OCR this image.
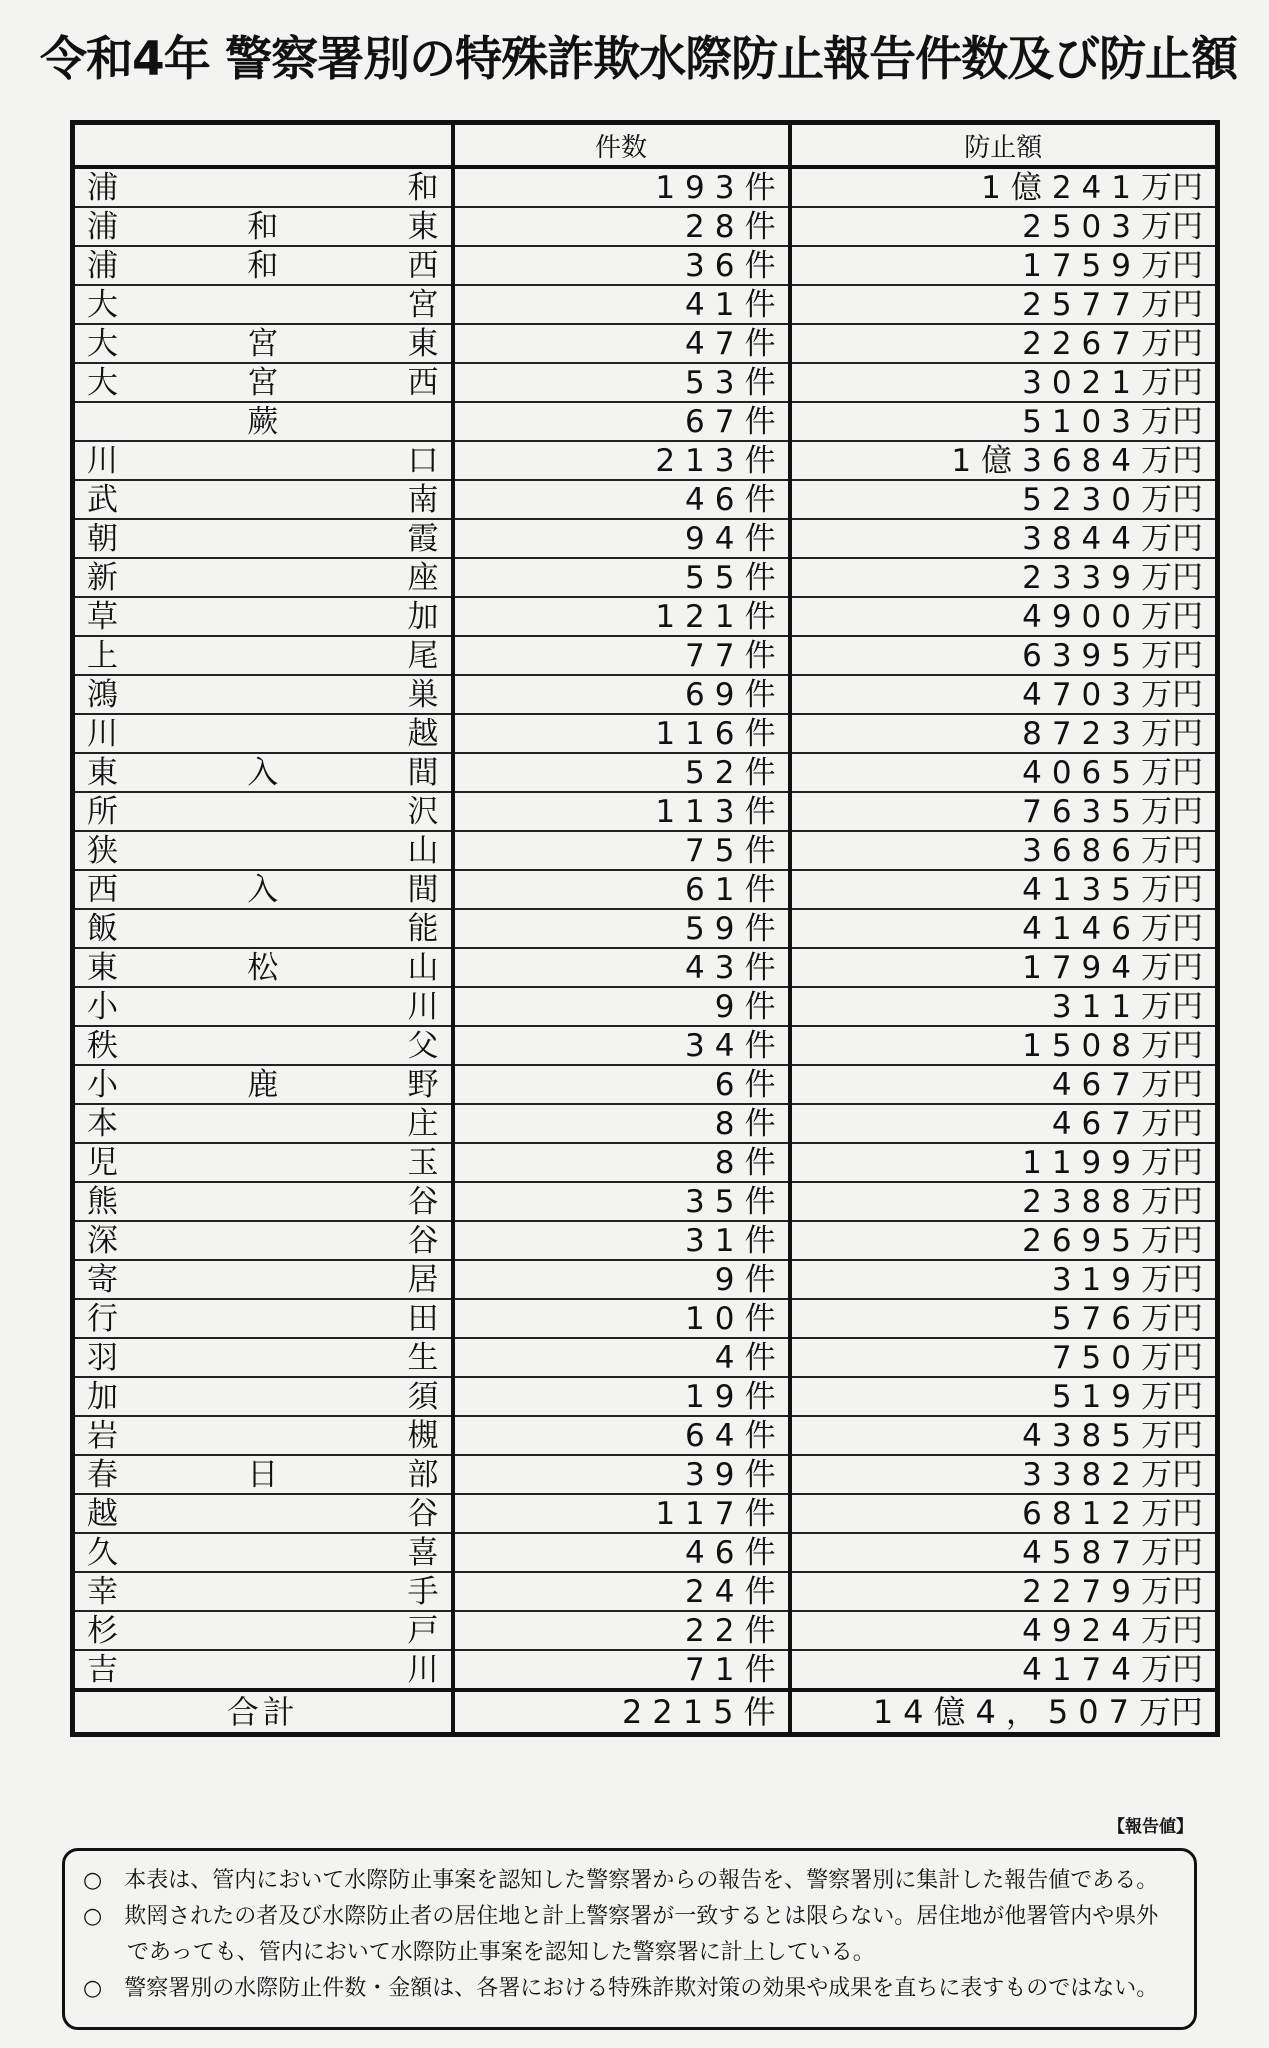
令和4年 警察署別の特殊詐欺水際防止報告件数及び防止額
	件数	防止額

浦 和	193件	1億241万円

浦 和 東	28件	2503万円

浦 和 西	36件	1759万円

大 宮	41件	2577万円

大 宮 東	47件	2267万円

大 宮 西	53件	3021万円

蕨	67件	5103万円

川 口	213件	1億3684万円

武 南	46件	5230万円

朝 霞	94件	3844万円

新 座	55件	2339万円

草 加	121件	4900万円

上 尾	77件	6395万円

鴻 巣	69件	4703万円

川 越	116件	8723万円

東 入 間	52件	4065万円

所 沢	113件	7635万円

狭 山	75件	3686万円

西 入 間	61件	4135万円

飯 能	59件	4146万円

東 松 山	43件	1794万円

小 川	9件	311万円

秩 父	34件	1508万円

小 鹿 野	6件	467万円

本 庄	8件	467万円

児 玉	8件	1199万円

熊 谷	35件	2388万円

深 谷	31件	2695万円

寄 居	9件	319万円

行 田	10件	576万円

羽 生	4件	750万円

加 須	19件	519万円

岩 槻	64件	4385万円

春 日 部	39件	3382万円

越 谷	117件	6812万円

久 喜	46件	4587万円

幸 手	24件	2279万円

杉 戸	22件	4924万円

吉 川	71件	4174万円
合計	2215件	14億4，507万円
【報告値】
○　本表は、管内において水際防止事案を認知した警察署からの報告を、警察署別に集計した報告値である。
○　欺罔されたの者及び水際防止者の居住地と計上警察署が一致するとは限らない。居住地が他署管内や県外
　　であっても、管内において水際防止事案を認知した警察署に計上している。
○　警察署別の水際防止件数・金額は、各署における特殊詐欺対策の効果や成果を直ちに表すものではない。
